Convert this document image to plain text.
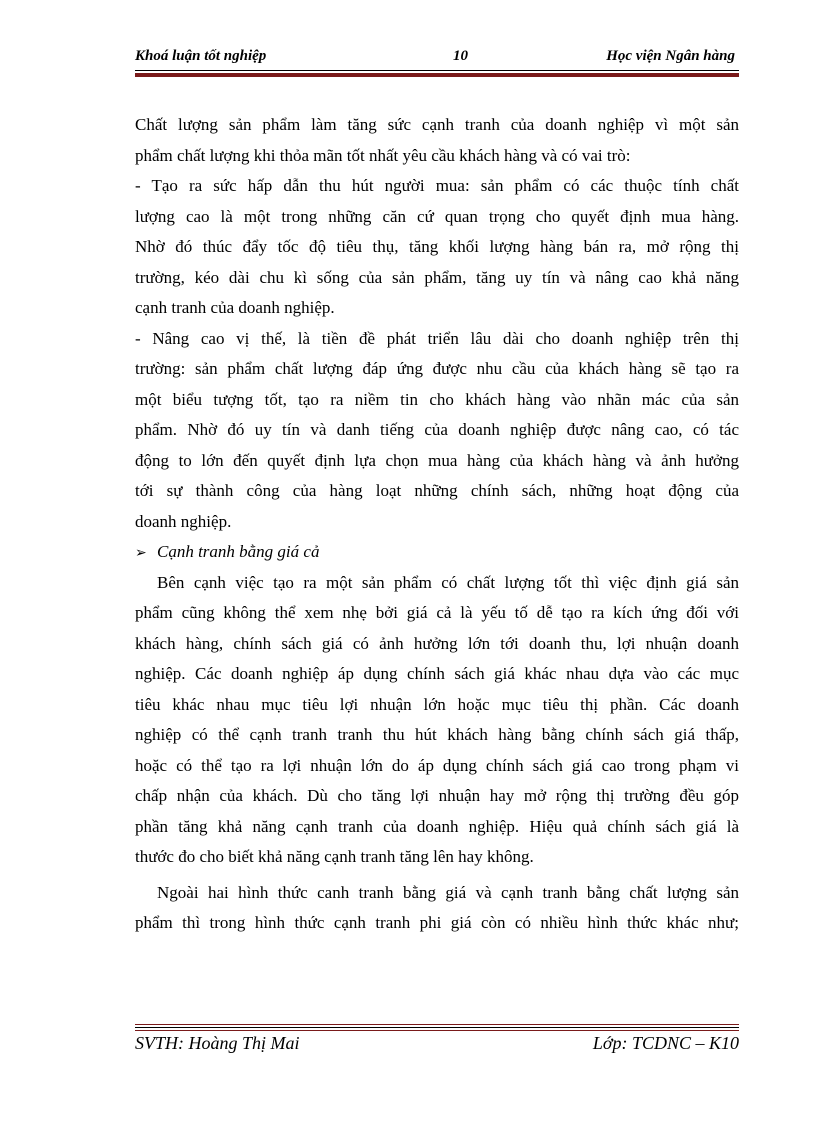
Khoá luận tốt nghiệp	10	Học viện Ngân hàng
Chất lượng sản phẩm làm tăng sức cạnh tranh của doanh nghiệp vì một sản
phẩm chất lượng khi thỏa mãn tốt nhất yêu cầu khách hàng và có vai trò:
- Tạo ra sức hấp dẫn thu hút người mua: sản phẩm có các thuộc tính chất
lượng cao là một trong những căn cứ quan trọng cho quyết định mua hàng.
Nhờ đó thúc đẩy tốc độ tiêu thụ, tăng khối lượng hàng bán ra, mở rộng thị
trường, kéo dài chu kì sống của sản phẩm, tăng uy tín và nâng cao khả năng
cạnh tranh của doanh nghiệp.
- Nâng cao vị thế, là tiền đề phát triển lâu dài cho doanh nghiệp trên thị
trường: sản phẩm chất lượng đáp ứng được nhu cầu của khách hàng sẽ tạo ra
một biểu tượng tốt, tạo ra niềm tin cho khách hàng vào nhãn mác của sản
phẩm. Nhờ đó uy tín và danh tiếng của doanh nghiệp được nâng cao, có tác
động to lớn đến quyết định lựa chọn mua hàng của khách hàng và ảnh hưởng
tới sự thành công của hàng loạt những chính sách, những hoạt động của
doanh nghiệp.
➢ Cạnh tranh bằng giá cả
Bên cạnh việc tạo ra một sản phẩm có chất lượng tốt thì việc định giá sản
phẩm cũng không thể xem nhẹ bởi giá cả là yếu tố dễ tạo ra kích ứng đối với
khách hàng, chính sách giá có ảnh hưởng lớn tới doanh thu, lợi nhuận doanh
nghiệp. Các doanh nghiệp áp dụng chính sách giá khác nhau dựa vào các mục
tiêu khác nhau mục tiêu lợi nhuận lớn hoặc mục tiêu thị phần. Các doanh
nghiệp có thể cạnh tranh tranh thu hút khách hàng bằng chính sách giá thấp,
hoặc có thể tạo ra lợi nhuận lớn do áp dụng chính sách giá cao trong phạm vi
chấp nhận của khách. Dù cho tăng lợi nhuận hay mở rộng thị trường đều góp
phần tăng khả năng cạnh tranh của doanh nghiệp. Hiệu quả chính sách giá là
thước đo cho biết khả năng cạnh tranh tăng lên hay không.
Ngoài hai hình thức canh tranh bằng giá và cạnh tranh bằng chất lượng sản
phẩm thì trong hình thức cạnh tranh phi giá còn có nhiều hình thức khác như;
SVTH: Hoàng Thị Mai	Lớp: TCDNC – K10
